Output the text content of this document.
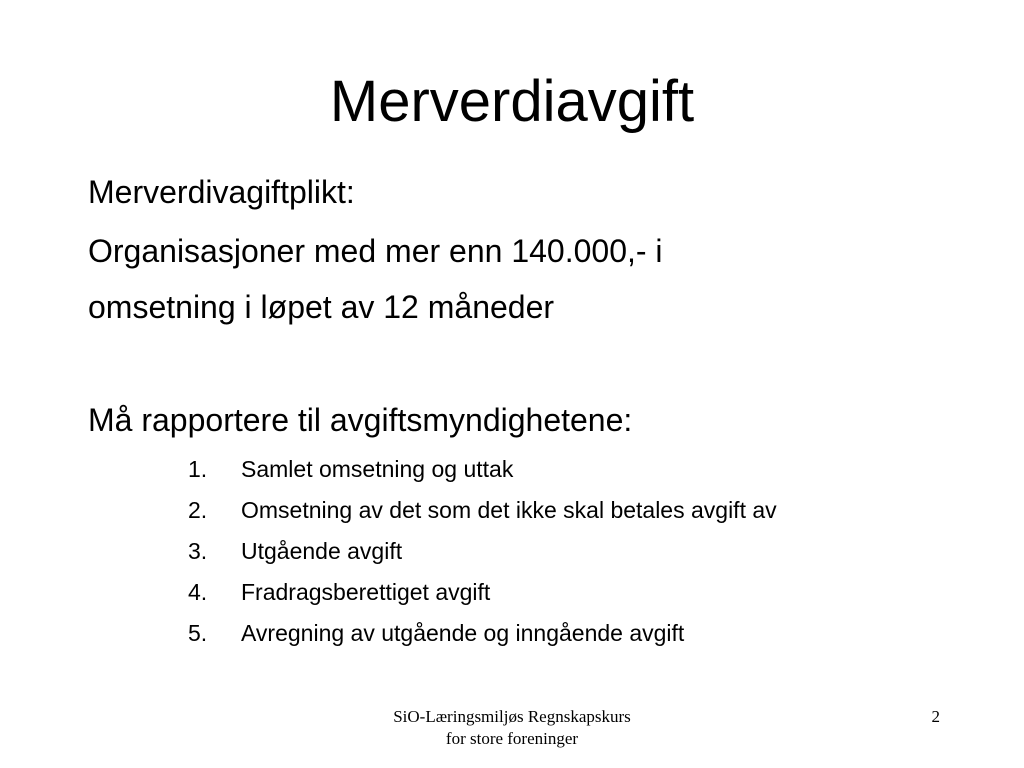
Merverdiavgift
Merverdivagiftplikt:
Organisasjoner med mer enn 140.000,- i
omsetning i løpet av 12 måneder
Må rapportere til avgiftsmyndighetene:
1. Samlet omsetning og uttak
2. Omsetning av det som det ikke skal betales avgift av
3. Utgående avgift
4. Fradragsberettiget avgift
5. Avregning av utgående og inngående avgift
SiO-Læringsmiljøs Regnskapskurs
for store foreninger
2
